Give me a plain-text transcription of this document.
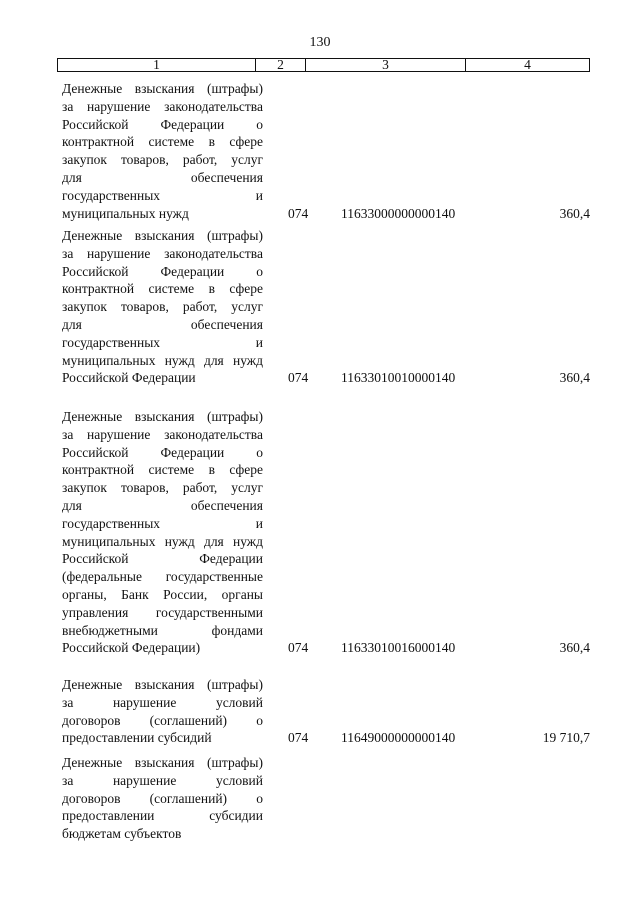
130
1	2	3	4
Денежные взыскания (штрафы)
за нарушение законодательства
Российской Федерации о
контрактной системе в сфере
закупок товаров, работ, услуг
для обеспечения
государственных и
муниципальных нужд	074 11633000000000140	360,4
Денежные взыскания (штрафы)
за нарушение законодательства
Российской Федерации о
контрактной системе в сфере
закупок товаров, работ, услуг
для обеспечения
государственных и
муниципальных нужд для нужд
Российской Федерации	074 11633010010000140	360,4
Денежные взыскания (штрафы)
за нарушение законодательства
Российской Федерации о
контрактной системе в сфере
закупок товаров, работ, услуг
для обеспечения
государственных и
муниципальных нужд для нужд
Российской Федерации
(федеральные государственные
органы, Банк России, органы
управления государственными
внебюджетными фондами
Российской Федерации)	074 11633010016000140	360,4
Денежные взыскания (штрафы)
за нарушение условий
договоров (соглашений) о
предоставлении субсидий	074 11649000000000140	19 710,7
Денежные взыскания (штрафы)
за нарушение условий
договоров (соглашений) о
предоставлении субсидии
бюджетам субъектов
